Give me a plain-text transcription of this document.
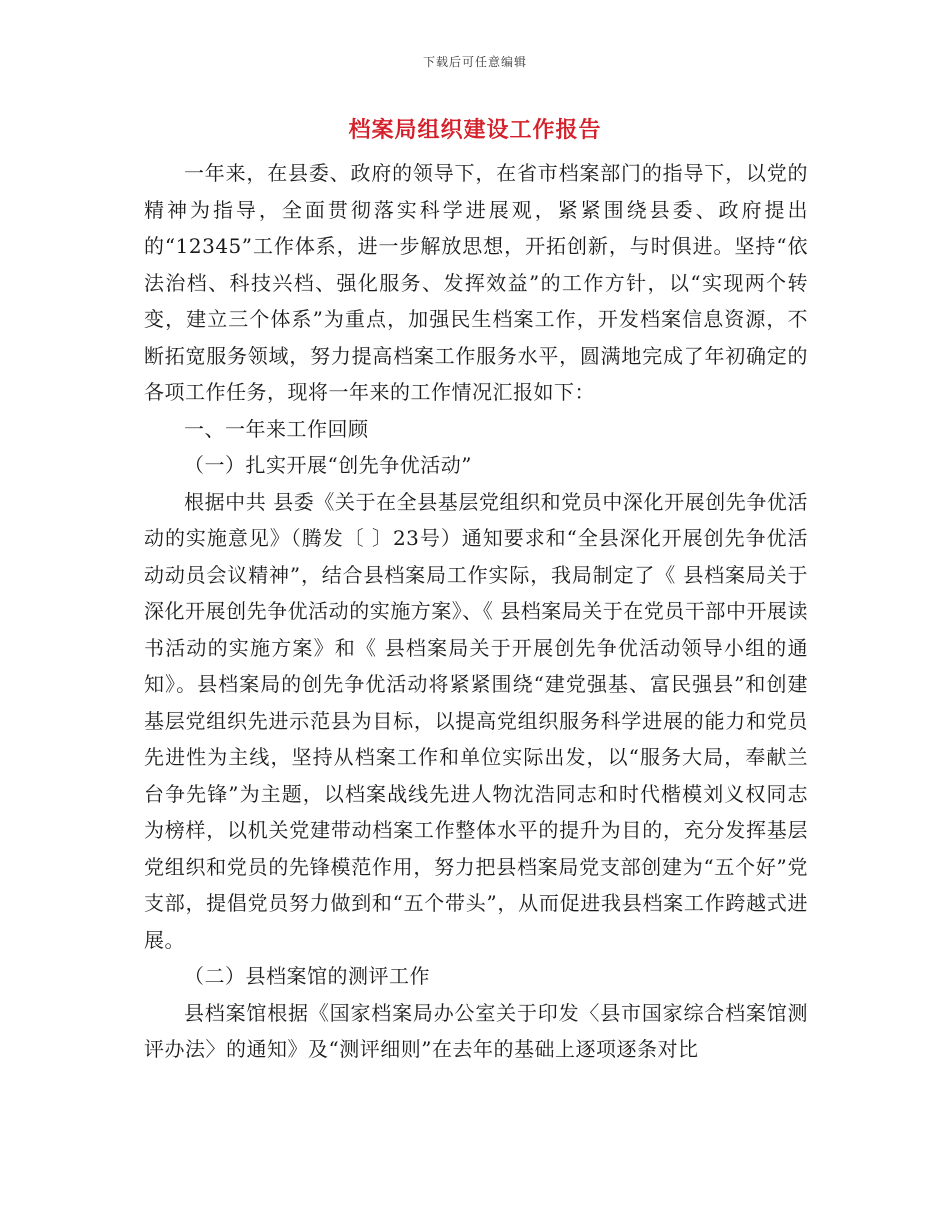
下载后可任意编辑
档案局组织建设工作报告

一年来，在县委、政府的领导下，在省市档案部门的指导下，以党的 精神为指导，全面贯彻落实科学进展观，紧紧围绕县委、政府提出的“12345”工作体系，进一步解放思想，开拓创新，与时俱进。坚持“依法治档、科技兴档、强化服务、发挥效益”的工作方针，以“实现两个转变，建立三个体系”为重点，加强民生档案工作，开发档案信息资源，不断拓宽服务领域，努力提高档案工作服务水平，圆满地完成了年初确定的各项工作任务，现将一年来的工作情况汇报如下：

一、一年来工作回顾

（一）扎实开展“创先争优活动”

根据中共 县委《关于在全县基层党组织和党员中深化开展创先争优活动的实施意见》（腾发〔 〕23号）通知要求和“全县深化开展创先争优活动动员会议精神”，结合县档案局工作实际，我局制定了《 县档案局关于深化开展创先争优活动的实施方案》、《 县档案局关于在党员干部中开展读书活动的实施方案》和《 县档案局关于开展创先争优活动领导小组的通知》。县档案局的创先争优活动将紧紧围绕“建党强基、富民强县”和创建基层党组织先进示范县为目标，以提高党组织服务科学进展的能力和党员先进性为主线，坚持从档案工作和单位实际出发，以“服务大局，奉献兰台争先锋”为主题，以档案战线先进人物沈浩同志和时代楷模刘义权同志为榜样，以机关党建带动档案工作整体水平的提升为目的，充分发挥基层党组织和党员的先锋模范作用，努力把县档案局党支部创建为“五个好”党支部，提倡党员努力做到和“五个带头”，从而促进我县档案工作跨越式进展。

（二）县档案馆的测评工作

县档案馆根据《国家档案局办公室关于印发〈县市国家综合档案馆测评办法〉的通知》及“测评细则”在去年的基础上逐项逐条对比
